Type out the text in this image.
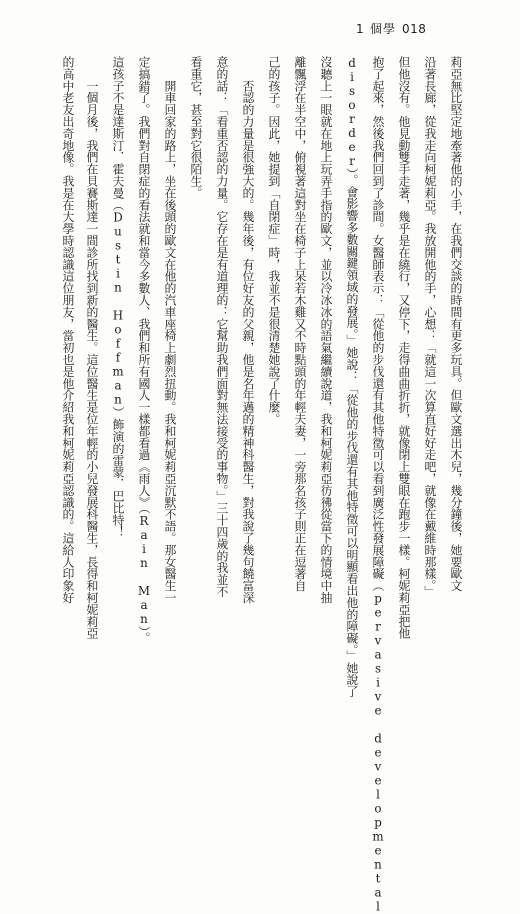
1 個學 018
莉亞無比堅定地牽著他的小手，在我們交談的時間有更多玩具。但歐文選出木兒，幾分鐘後，她要歐文
沿著長廊，從我走向柯妮莉亞。我放開他的手，心想：「就這一次算直好好走吧，就像在戴維時那樣。」
但他沒有。他見動雙手走著，幾乎是在繞行，又停下，走得曲曲折折，就像閉上雙眼在跑步一樣。柯妮莉亞把他
抱了起來，然後我們回到了診間。女醫師表示：「從他的步伐還有其他特徵可以看到廣泛性發展障礙（pervasive developmental
disorder）。會影響多數關鍵領域的發展。」她說：「從他的步伐還有其他特徵可以明顯看出他的障礙。」她說了
沒聽上一眼就在地上玩弄手指的歐文，並以冷冰冰的語氣繼續說道，我和柯妮莉亞彷彿從當下的情境中抽
離飄浮在半空中，俯視著這對坐在椅子上呆若木雞又不時點頭的年輕夫妻，一旁那名孩子則正在逗著自
己的孩子。因此，她提到「自閉症」時，我並不是很清楚她說了什麼。
　　否認的力量是很強大的。幾年後，有位好友的父親，他是名年邁的精神科醫生，對我說了幾句饒富深
意的話：「看重否認的力量。它存在是有道理的：它幫助我們面對無法接受的事物。」三十四歲的我並不
看重它，甚至對它很陌生。
　　開車回家的路上，坐在後頭的歐文在他的汽車座椅上劇烈扭動。我和柯妮莉亞沉默不語。那女醫生一
定搞錯了。我們對自閉症的看法就和當今多數人、我們和所有國人一樣都看過《雨人》（Rain Man）。
這孩子不是達斯汀．霍夫曼（Dustin Hoffman）飾演的雷蒙．巴比特！
　　一個月後，我們在貝賽斯達一間診所找到新的醫生。這位醫生是位年輕的小兒發展科醫生，長得和柯妮莉亞
的高中老友出奇地像。我是在大學時認識這位朋友，當初也是他介紹我和柯妮莉亞認識的。這給人印象好
